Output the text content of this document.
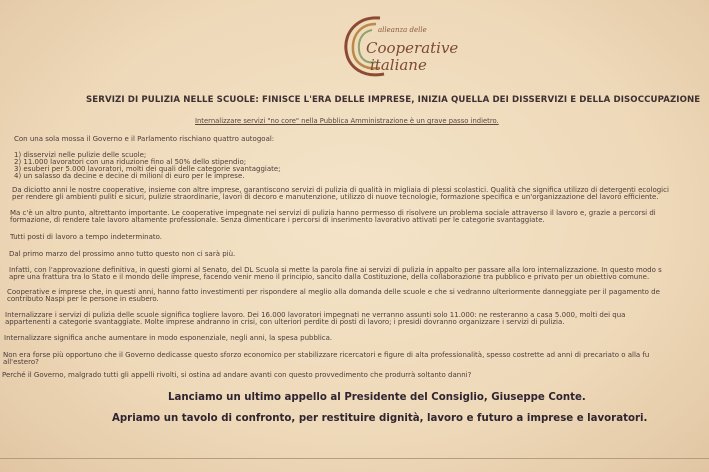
alleanza delle
Cooperative
italiane
SERVIZI DI PULIZIA NELLE SCUOLE: FINISCE L'ERA DELLE IMPRESE, INIZIA QUELLA DEI DISSERVIZI E DELLA DISOCCUPAZIONE
Internalizzare servizi "no core" nella Pubblica Amministrazione è un grave passo indietro.
Con una sola mossa il Governo e il Parlamento rischiano quattro autogoal:
1) disservizi nelle pulizie delle scuole;
2) 11.000 lavoratori con una riduzione fino al 50% dello stipendio;
3) esuberi per 5.000 lavoratori, molti dei quali delle categorie svantaggiate;
4) un salasso da decine e decine di milioni di euro per le imprese.
Da diciotto anni le nostre cooperative, insieme con altre imprese, garantiscono servizi di pulizia di qualità in migliaia di plessi scolastici. Qualità che significa utilizzo di detergenti ecologici
per rendere gli ambienti puliti e sicuri, pulizie straordinarie, lavori di decoro e manutenzione, utilizzo di nuove tecnologie, formazione specifica e un'organizzazione del lavoro efficiente.
Ma c'è un altro punto, altrettanto importante. Le cooperative impegnate nei servizi di pulizia hanno permesso di risolvere un problema sociale attraverso il lavoro e, grazie a percorsi di
formazione, di rendere tale lavoro altamente professionale. Senza dimenticare i percorsi di inserimento lavorativo attivati per le categorie svantaggiate.
Tutti posti di lavoro a tempo indeterminato.
Dal primo marzo del prossimo anno tutto questo non ci sarà più.
Infatti, con l'approvazione definitiva, in questi giorni al Senato, del DL Scuola si mette la parola fine ai servizi di pulizia in appalto per passare alla loro internalizzazione. In questo modo s
apre una frattura tra lo Stato e il mondo delle imprese, facendo venir meno il principio, sancito dalla Costituzione, della collaborazione tra pubblico e privato per un obiettivo comune.
Cooperative e imprese che, in questi anni, hanno fatto investimenti per rispondere al meglio alla domanda delle scuole e che si vedranno ulteriormente danneggiate per il pagamento de
contributo Naspi per le persone in esubero.
Internalizzare i servizi di pulizia delle scuole significa togliere lavoro. Dei 16.000 lavoratori impegnati ne verranno assunti solo 11.000: ne resteranno a casa 5.000, molti dei qua
appartenenti a categorie svantaggiate. Molte imprese andranno in crisi, con ulteriori perdite di posti di lavoro; i presidi dovranno organizzare i servizi di pulizia.
Internalizzare significa anche aumentare in modo esponenziale, negli anni, la spesa pubblica.
Non era forse più opportuno che il Governo dedicasse questo sforzo economico per stabilizzare ricercatori e figure di alta professionalità, spesso costrette ad anni di precariato o alla fu
all'estero?
Perché il Governo, malgrado tutti gli appelli rivolti, si ostina ad andare avanti con questo provvedimento che produrrà soltanto danni?
Lanciamo un ultimo appello al Presidente del Consiglio, Giuseppe Conte.
Apriamo un tavolo di confronto, per restituire dignità, lavoro e futuro a imprese e lavoratori.
